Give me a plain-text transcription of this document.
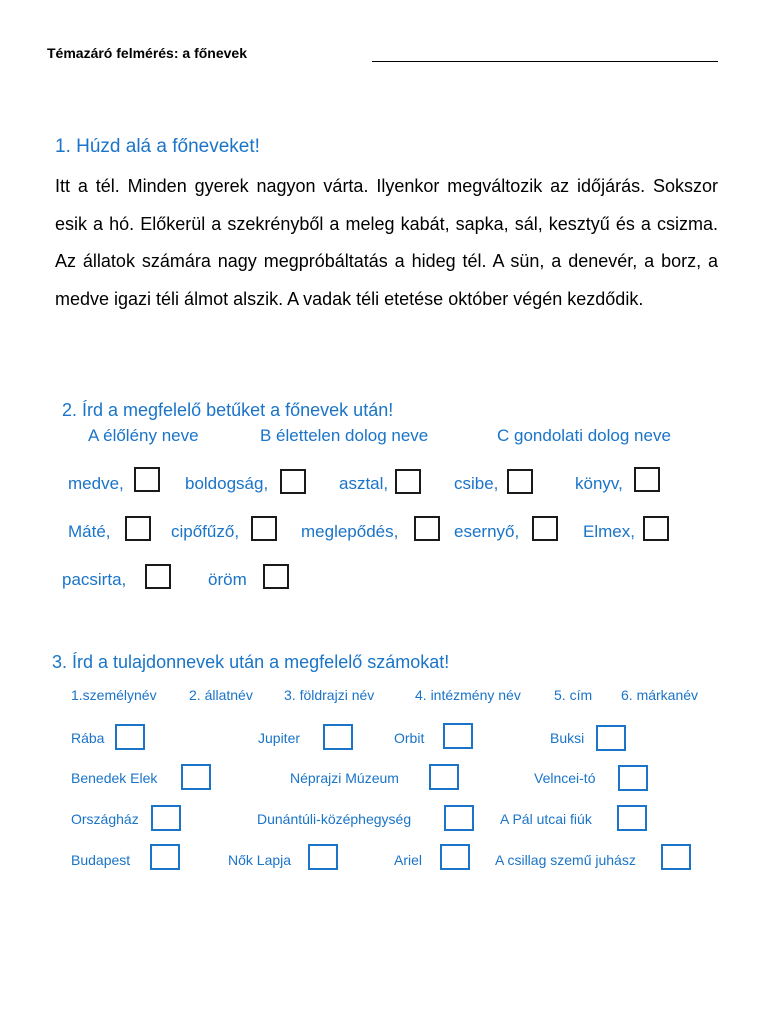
Témazáró felmérés: a főnevek
1. Húzd alá a főneveket!
Itt a tél. Minden gyerek nagyon várta. Ilyenkor megváltozik az időjárás. Sokszor esik a hó. Előkerül a szekrényből a meleg kabát, sapka, sál, kesztyű és a csizma. Az állatok számára nagy megpróbáltatás a hideg tél. A sün, a denevér, a borz, a medve igazi téli álmot alszik. A vadak téli etetése október végén kezdődik.
2. Írd a megfelelő betűket a főnevek után!
A élőlény neve	B élettelen dolog neve	C gondolati dolog neve
medve,	boldogság,	asztal,	csibe,	könyv,
Máté,	cipőfűző,	meglepődés,	esernyő,	Elmex,
pacsirta,	öröm
3. Írd a tulajdonnevek után a megfelelő számokat!
1.személynév 2. állatnév 3. földrajzi név	4. intézmény név 5. cím 6. márkanév
Rába	Jupiter	Orbit	Buksi
Benedek Elek	Néprajzi Múzeum	Velncei-tó
Országház	Dunántúli-középhegység	A Pál utcai fiúk
Budapest	Nők Lapja	Ariel	A csillag szemű juhász
